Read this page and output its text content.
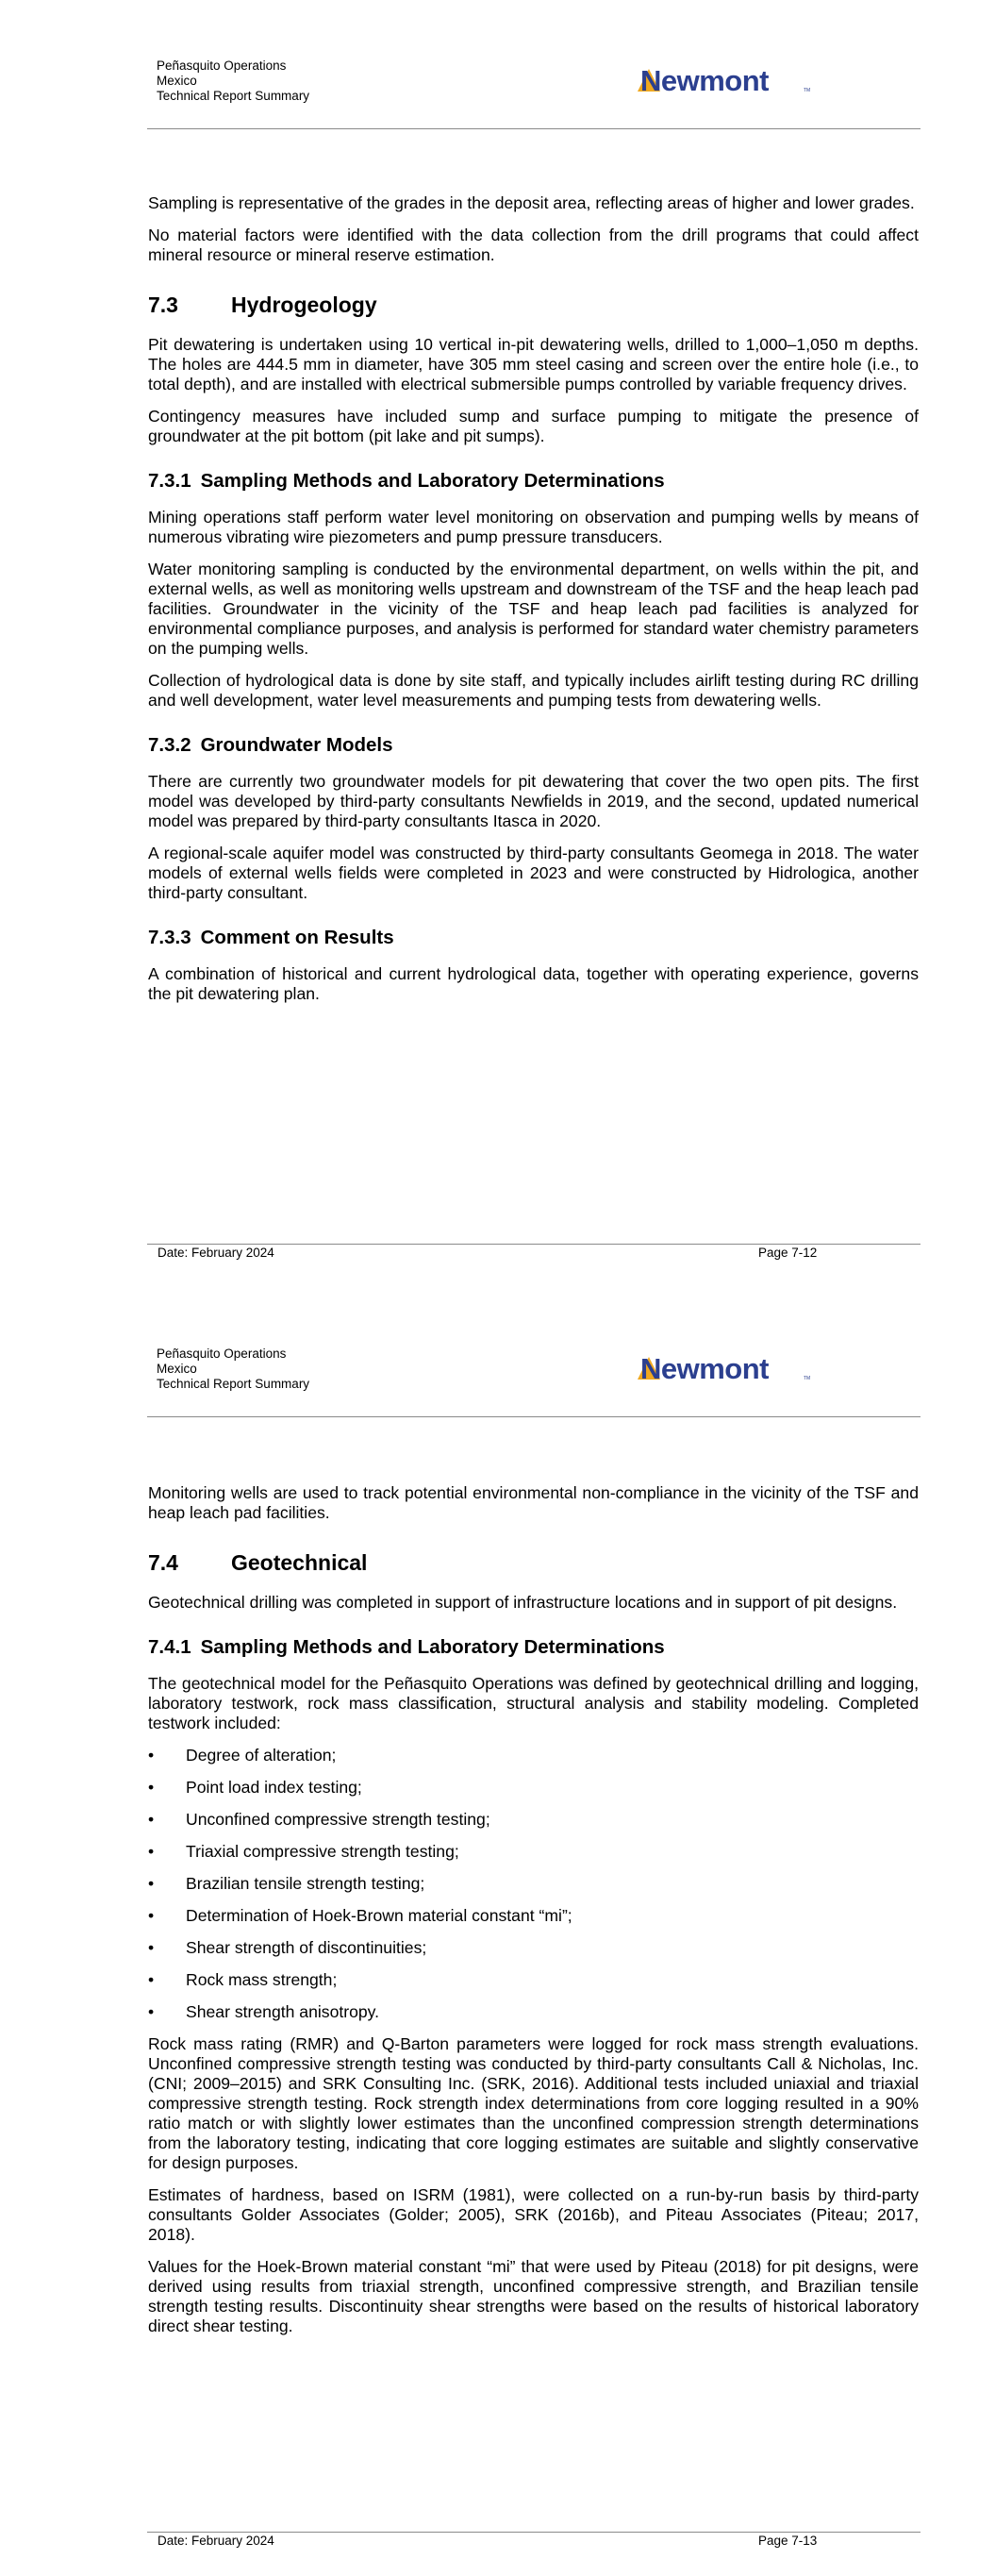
Peñasquito Operations
Mexico
Technical Report Summary	Newmont	TM

Sampling is representative of the grades in the deposit area, reflecting areas of higher and lower grades.

No material factors were identified with the data collection from the drill programs that could affect mineral resource or mineral reserve estimation.

7.3 Hydrogeology

Pit dewatering is undertaken using 10 vertical in-pit dewatering wells, drilled to 1,000–1,050 m depths. The holes are 444.5 mm in diameter, have 305 mm steel casing and screen over the entire hole (i.e., to total depth), and are installed with electrical submersible pumps controlled by variable frequency drives.

Contingency measures have included sump and surface pumping to mitigate the presence of groundwater at the pit bottom (pit lake and pit sumps).

7.3.1 Sampling Methods and Laboratory Determinations

Mining operations staff perform water level monitoring on observation and pumping wells by means of numerous vibrating wire piezometers and pump pressure transducers.

Water monitoring sampling is conducted by the environmental department, on wells within the pit, and external wells, as well as monitoring wells upstream and downstream of the TSF and the heap leach pad facilities. Groundwater in the vicinity of the TSF and heap leach pad facilities is analyzed for environmental compliance purposes, and analysis is performed for standard water chemistry parameters on the pumping wells.

Collection of hydrological data is done by site staff, and typically includes airlift testing during RC drilling and well development, water level measurements and pumping tests from dewatering wells.

7.3.2 Groundwater Models

There are currently two groundwater models for pit dewatering that cover the two open pits. The first model was developed by third-party consultants Newfields in 2019, and the second, updated numerical model was prepared by third-party consultants Itasca in 2020.

A regional-scale aquifer model was constructed by third-party consultants Geomega in 2018. The water models of external wells fields were completed in 2023 and were constructed by Hidrologica, another third-party consultant.

7.3.3 Comment on Results

A combination of historical and current hydrological data, together with operating experience, governs the pit dewatering plan.

Date: February 2024	Page 7-12
Peñasquito Operations
Mexico
Technical Report Summary	Newmont	TM

Monitoring wells are used to track potential environmental non-compliance in the vicinity of the TSF and heap leach pad facilities.

7.4 Geotechnical

Geotechnical drilling was completed in support of infrastructure locations and in support of pit designs.

7.4.1 Sampling Methods and Laboratory Determinations

The geotechnical model for the Peñasquito Operations was defined by geotechnical drilling and logging, laboratory testwork, rock mass classification, structural analysis and stability modeling. Completed testwork included:

• Degree of alteration;
• Point load index testing;
• Unconfined compressive strength testing;
• Triaxial compressive strength testing;
• Brazilian tensile strength testing;
• Determination of Hoek-Brown material constant “mi”;
• Shear strength of discontinuities;
• Rock mass strength;
• Shear strength anisotropy.

Rock mass rating (RMR) and Q-Barton parameters were logged for rock mass strength evaluations. Unconfined compressive strength testing was conducted by third-party consultants Call & Nicholas, Inc. (CNI; 2009–2015) and SRK Consulting Inc. (SRK, 2016). Additional tests included uniaxial and triaxial compressive strength testing. Rock strength index determinations from core logging resulted in a 90% ratio match or with slightly lower estimates than the unconfined compression strength determinations from the laboratory testing, indicating that core logging estimates are suitable and slightly conservative for design purposes.

Estimates of hardness, based on ISRM (1981), were collected on a run-by-run basis by third-party consultants Golder Associates (Golder; 2005), SRK (2016b), and Piteau Associates (Piteau; 2017, 2018).

Values for the Hoek-Brown material constant “mi” that were used by Piteau (2018) for pit designs, were derived using results from triaxial strength, unconfined compressive strength, and Brazilian tensile strength testing results. Discontinuity shear strengths were based on the results of historical laboratory direct shear testing.

Date: February 2024	Page 7-13
